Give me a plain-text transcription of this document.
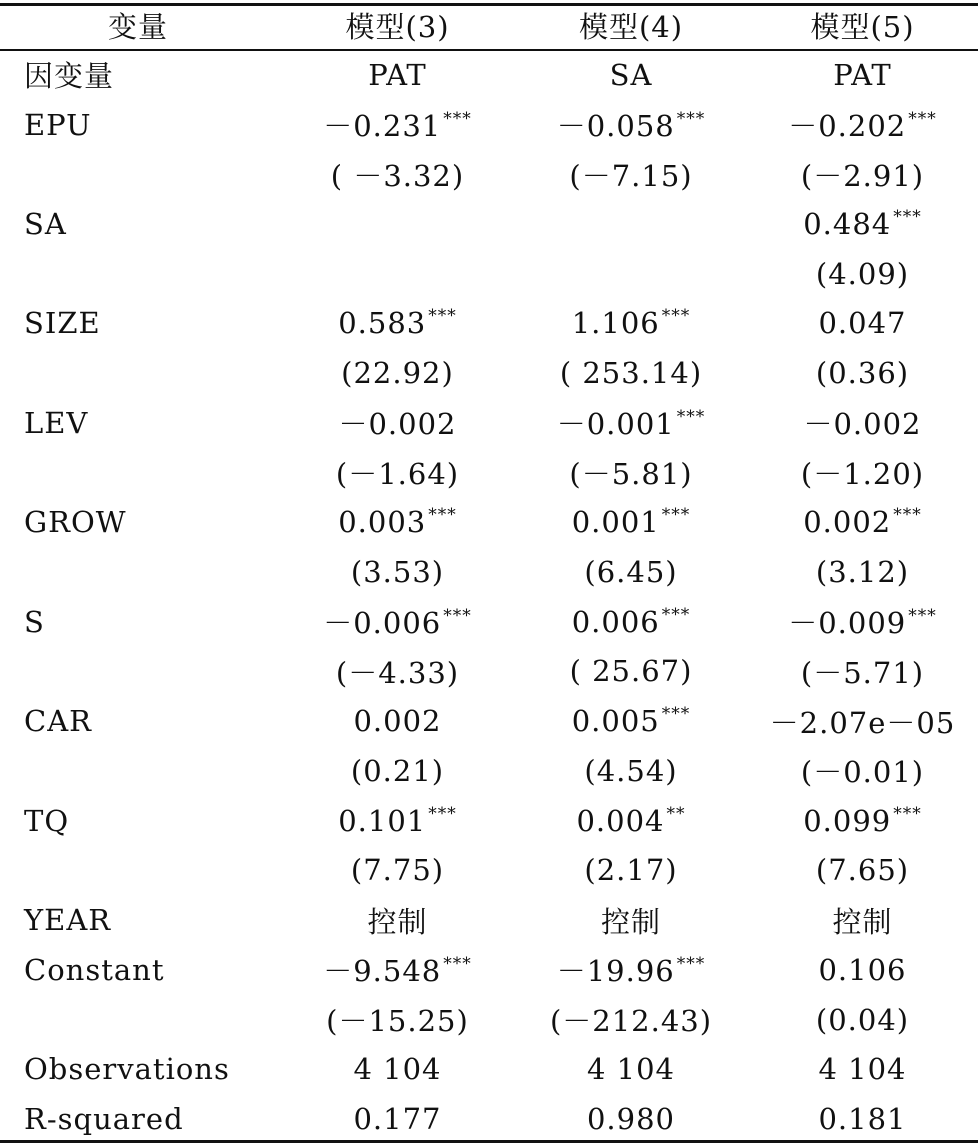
变量	模型(3)	模型(4)	模型(5)
因变量	PAT	SA	PAT
EPU	－0.231 ***	－0.058 ***	－0.202 ***
	( －3.32)	(－7.15)	(－2.91)
SA			0.484 ***
			(4.09)
SIZE	0.583 ***	1.106 ***	0.047
	(22.92)	( 253.14)	(0.36)
LEV	－0.002	－0.001 ***	－0.002
	(－1.64)	(－5.81)	(－1.20)
GROW	0.003 ***	0.001 ***	0.002 ***
	(3.53)	(6.45)	(3.12)
S	－0.006 ***	0.006 ***	－0.009 ***
	(－4.33)	( 25.67)	(－5.71)
CAR	0.002	0.005 ***	－2.07e－05
	(0.21)	(4.54)	(－0.01)
TQ	0.101 ***	0.004 **	0.099 ***
	(7.75)	(2.17)	(7.65)
YEAR	控制	控制	控制
Constant	－9.548 ***	－19.96 ***	0.106
	(－15.25)	(－212.43)	(0.04)
Observations	4 104	4 104	4 104
R-squared	0.177	0.980	0.181
